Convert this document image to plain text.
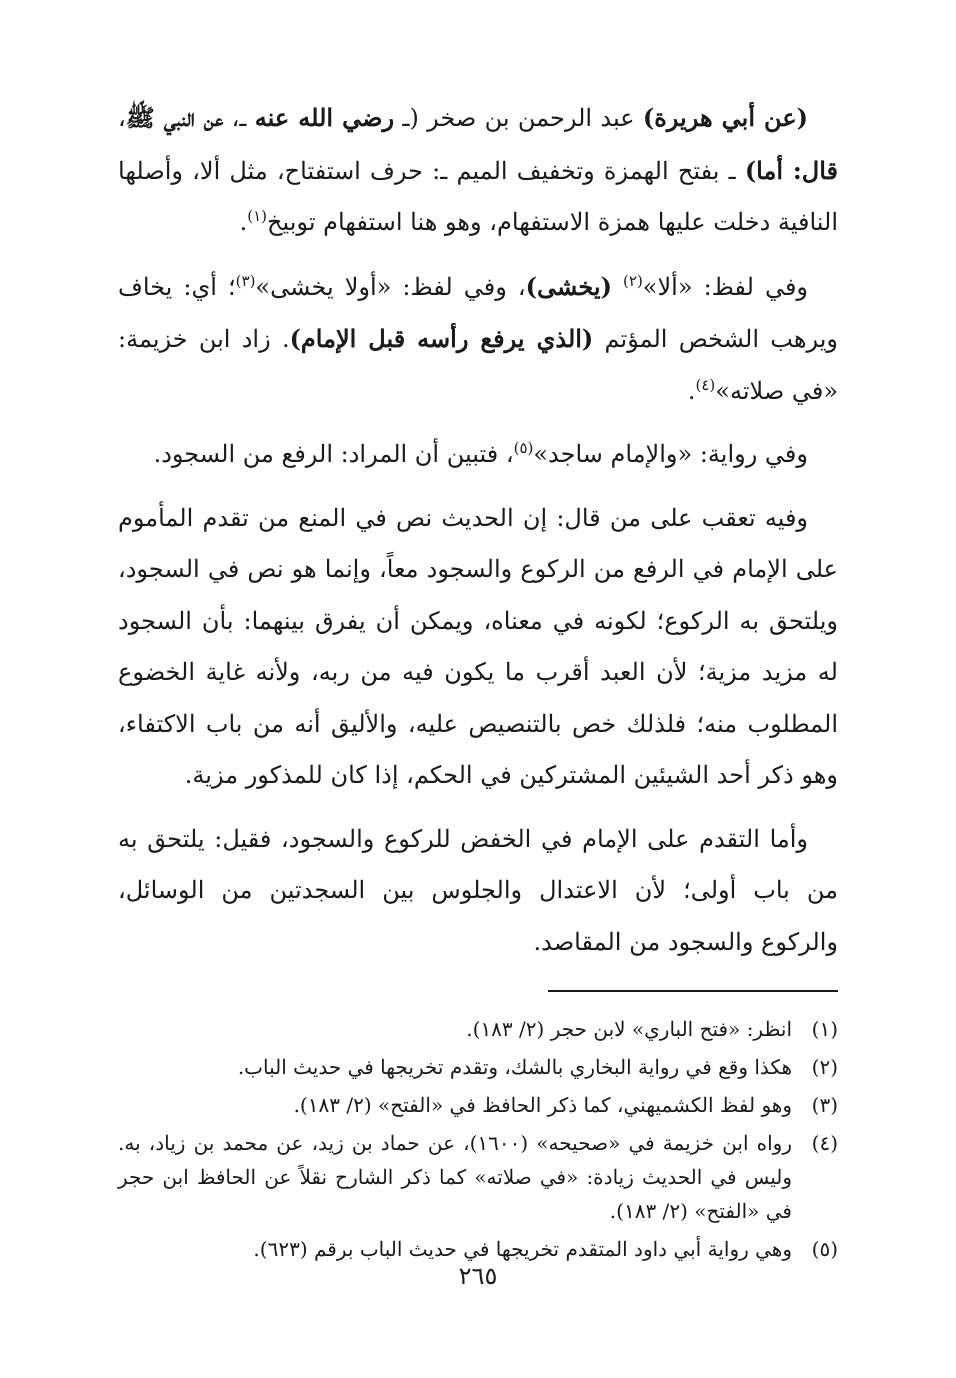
(عن أبي هريرة) عبد الرحمن بن صخر (ـ رضي الله عنه ـ، عن النبي ﷺ، قال: أما) ـ بفتح الهمزة وتخفيف الميم ـ: حرف استفتاح، مثل ألا، وأصلها النافية دخلت عليها همزة الاستفهام، وهو هنا استفهام توبيخ$^{(١)}$.

وفي لفظ: «ألا»$^{(٢)}$ (يخشى)، وفي لفظ: «أولا يخشى»$^{(٣)}$؛ أي: يخاف ويرهب الشخص المؤتم (الذي يرفع رأسه قبل الإمام). زاد ابن خزيمة: «في صلاته»$^{(٤)}$.

وفي رواية: «والإمام ساجد»$^{(٥)}$، فتبين أن المراد: الرفع من السجود.

وفيه تعقب على من قال: إن الحديث نص في المنع من تقدم المأموم على الإمام في الرفع من الركوع والسجود معاً، وإنما هو نص في السجود، ويلتحق به الركوع؛ لكونه في معناه، ويمكن أن يفرق بينهما: بأن السجود له مزيد مزية؛ لأن العبد أقرب ما يكون فيه من ربه، ولأنه غاية الخضوع المطلوب منه؛ فلذلك خص بالتنصيص عليه، والأليق أنه من باب الاكتفاء، وهو ذكر أحد الشيئين المشتركين في الحكم، إذا كان للمذكور مزية.

وأما التقدم على الإمام في الخفض للركوع والسجود، فقيل: يلتحق به من باب أولى؛ لأن الاعتدال والجلوس بين السجدتين من الوسائل، والركوع والسجود من المقاصد.

(١)
انظر: «فتح الباري» لابن حجر (٢/ ١٨٣).
(٢)
هكذا وقع في رواية البخاري بالشك، وتقدم تخريجها في حديث الباب.
(٣)
وهو لفظ الكشميهني، كما ذكر الحافظ في «الفتح» (٢/ ١٨٣).
(٤)
رواه ابن خزيمة في «صحيحه» (١٦٠٠)، عن حماد بن زيد، عن محمد بن زياد، به. وليس في الحديث زيادة: «في صلاته» كما ذكر الشارح نقلاً عن الحافظ ابن حجر في «الفتح» (٢/ ١٨٣).
(٥)
وهي رواية أبي داود المتقدم تخريجها في حديث الباب برقم (٦٢٣).
٢٦٥
